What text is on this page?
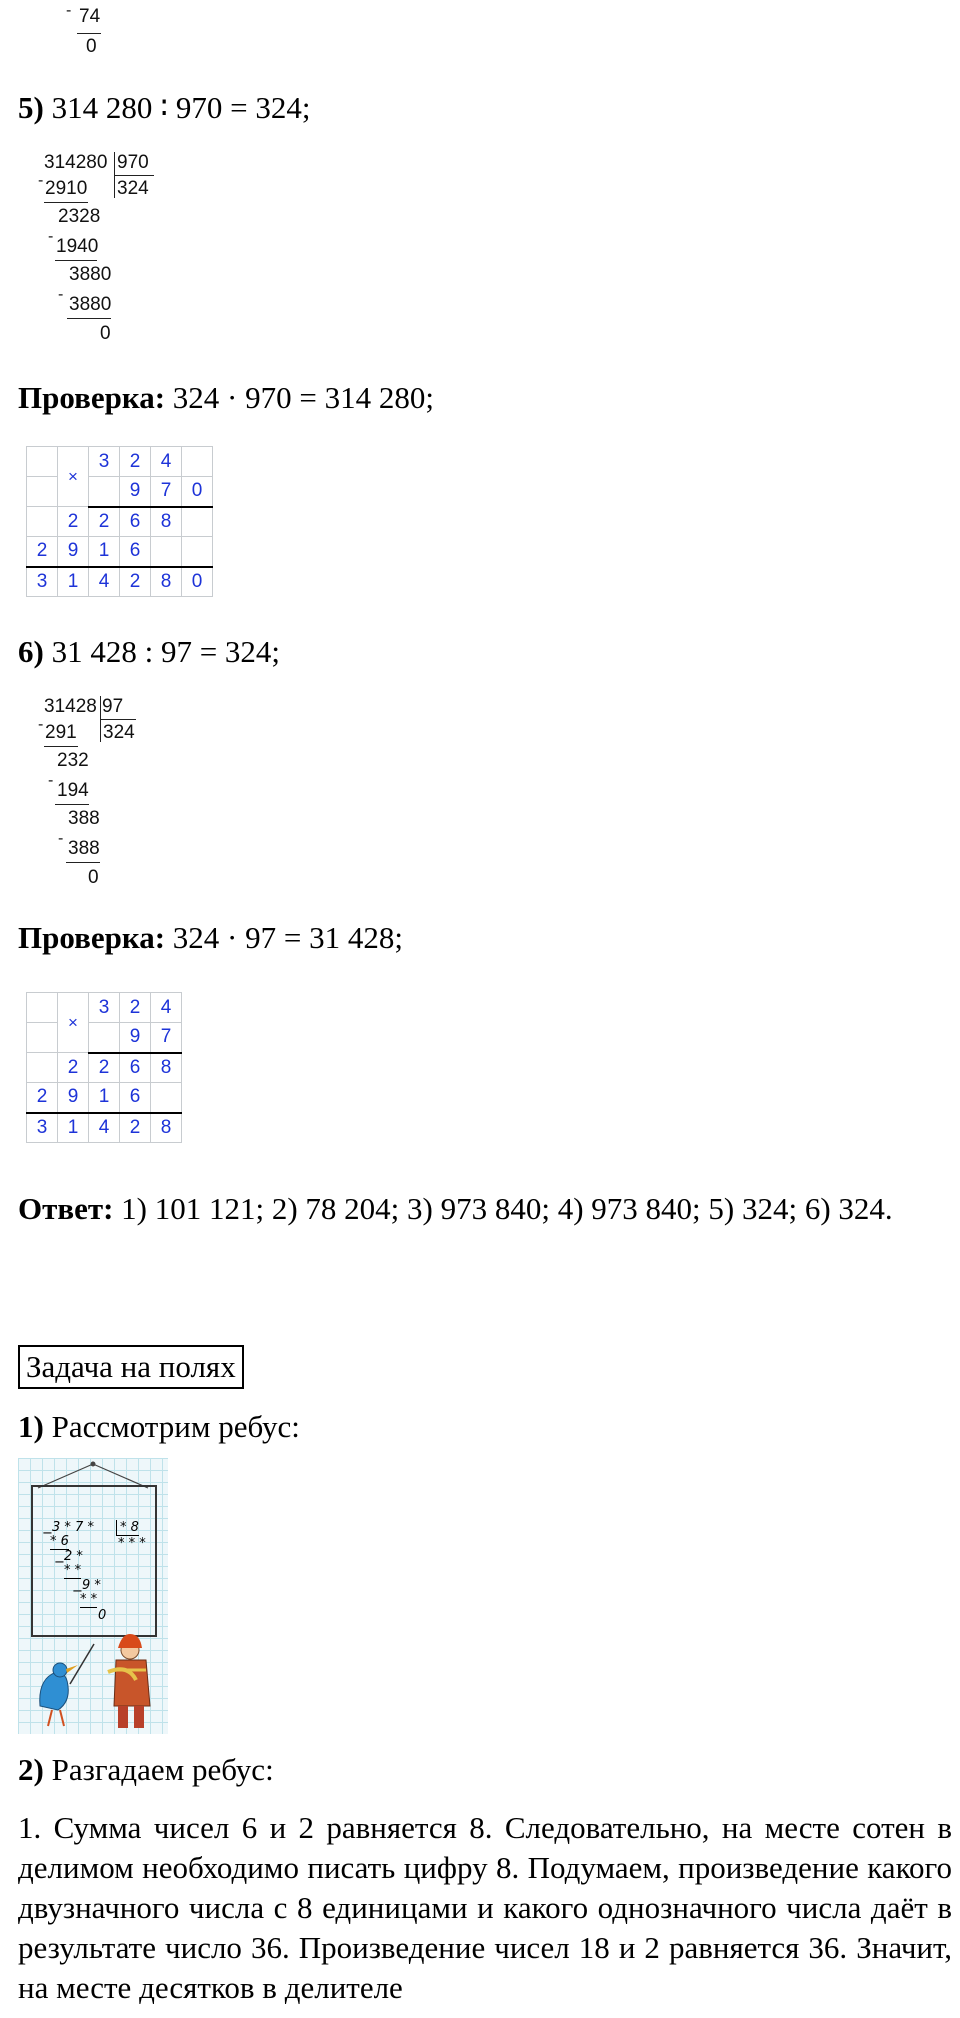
- 74
0
5) 314 280 ∶ 970 = 324;
314280 970
324
- 2910
2328
- 1940
3880
- 3880
0
Проверка: 324 · 970 = 314 280;
	×	3	2	4	
			9	7	0
	2	2	6	8	
2	9	1	6		
3	1	4	2	8	0
6) 31 428 : 97 = 324;
31428 97
324
- 291
232
- 194
388
- 388
0
Проверка: 324 · 97 = 31 428;
	×	3	2	4
			9	7
	2	2	6	8
2	9	1	6	
3	1	4	2	8
Ответ: 1) 101 121; 2) 78 204; 3) 973 840; 4) 973 840; 5) 324; 6) 324.
Задача на полях
1) Рассмотрим ребус:
− 3 * 7 *	* 8
* * *
* 6
− 2 *
* *
− 9 *
* *
0
2) Разгадаем ребус:
1. Сумма чисел 6 и 2 равняется 8. Следовательно, на месте сотен в делимом необходимо писать цифру 8. Подумаем, произведение какого двузначного числа с 8 единицами и какого однозначного числа даёт в результате число 36. Произведение чисел 18 и 2 равняется 36. Значит, на месте десятков в делителе
